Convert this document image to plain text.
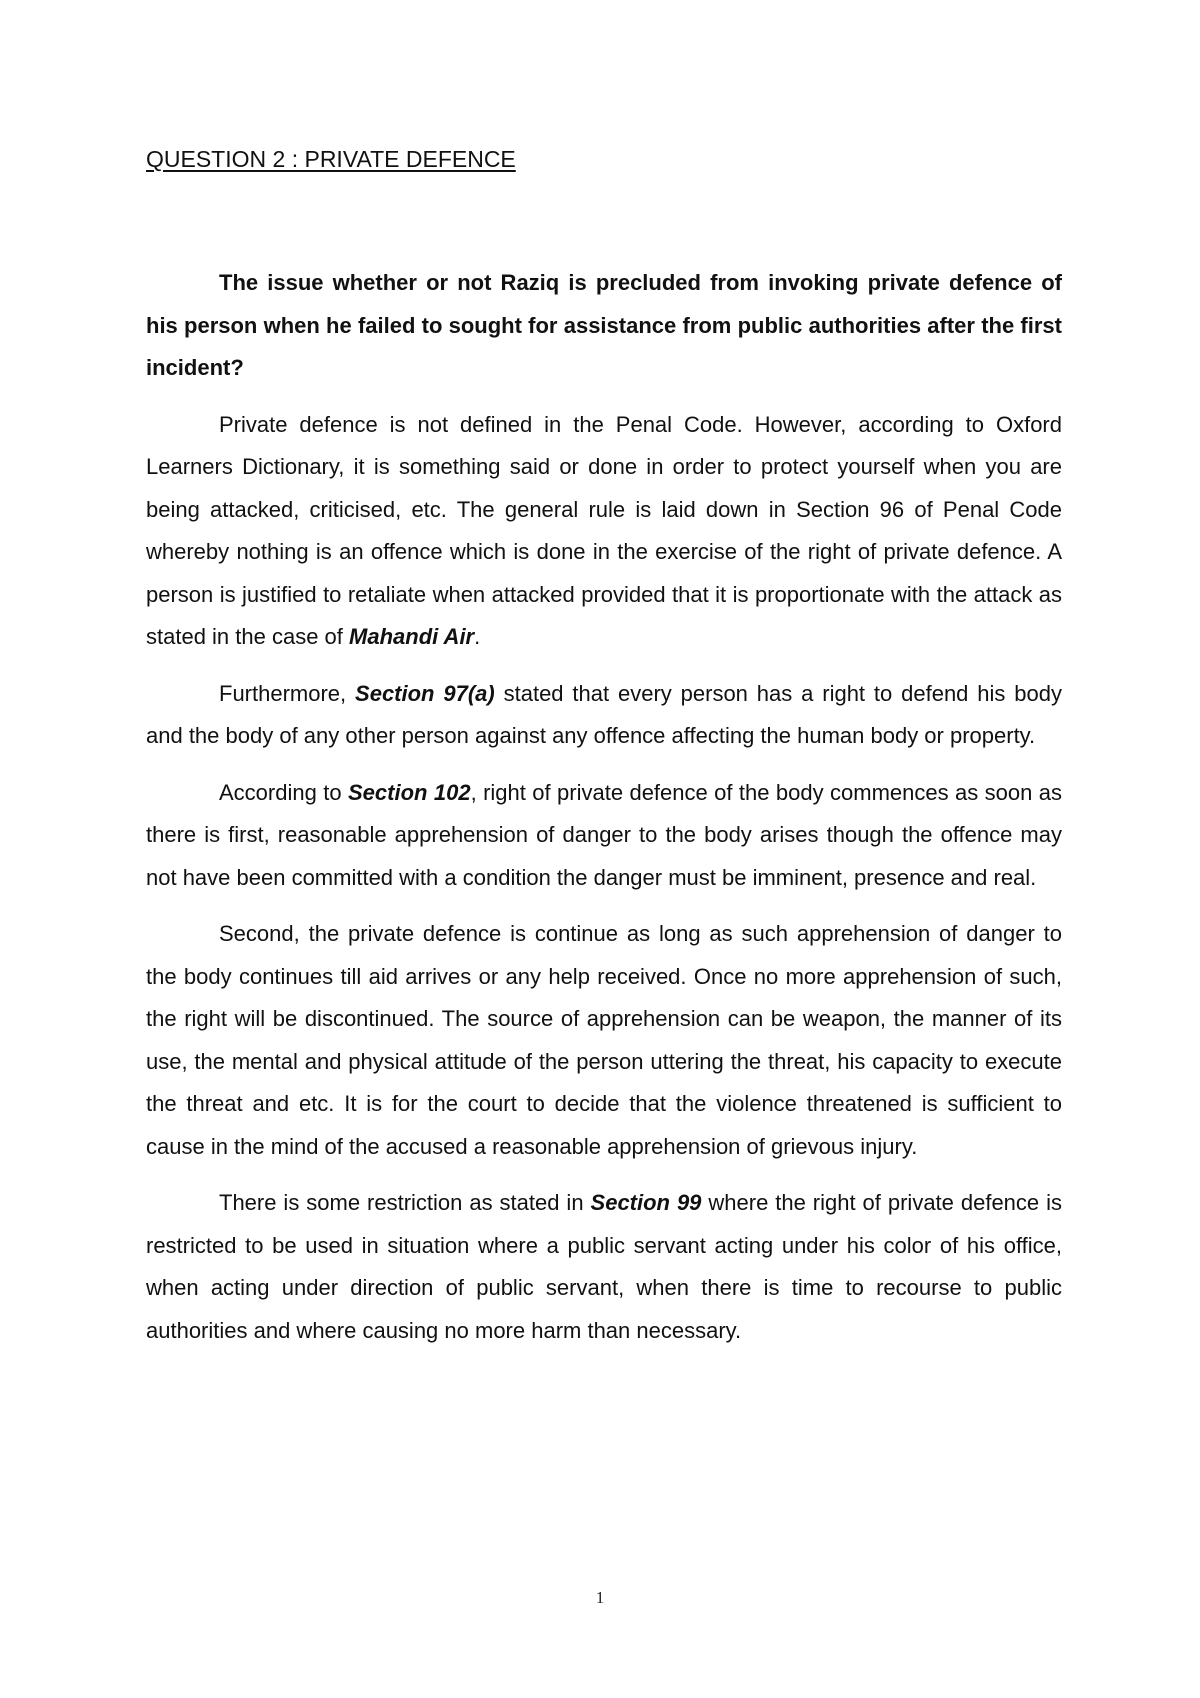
QUESTION 2 : PRIVATE DEFENCE

The issue whether or not Raziq is precluded from invoking private defence of his person when he failed to sought for assistance from public authorities after the first incident?

Private defence is not defined in the Penal Code. However, according to Oxford Learners Dictionary, it is something said or done in order to protect yourself when you are being attacked, criticised, etc. The general rule is laid down in Section 96 of Penal Code whereby nothing is an offence which is done in the exercise of the right of private defence. A person is justified to retaliate when attacked provided that it is proportionate with the attack as stated in the case of Mahandi Air.

Furthermore, Section 97(a) stated that every person has a right to defend his body and the body of any other person against any offence affecting the human body or property.

According to Section 102, right of private defence of the body commences as soon as there is first, reasonable apprehension of danger to the body arises though the offence may not have been committed with a condition the danger must be imminent, presence and real.

Second, the private defence is continue as long as such apprehension of danger to the body continues till aid arrives or any help received. Once no more apprehension of such, the right will be discontinued. The source of apprehension can be weapon, the manner of its use, the mental and physical attitude of the person uttering the threat, his capacity to execute the threat and etc. It is for the court to decide that the violence threatened is sufficient to cause in the mind of the accused a reasonable apprehension of grievous injury.

There is some restriction as stated in Section 99 where the right of private defence is restricted to be used in situation where a public servant acting under his color of his office, when acting under direction of public servant, when there is time to recourse to public authorities and where causing no more harm than necessary.

1
